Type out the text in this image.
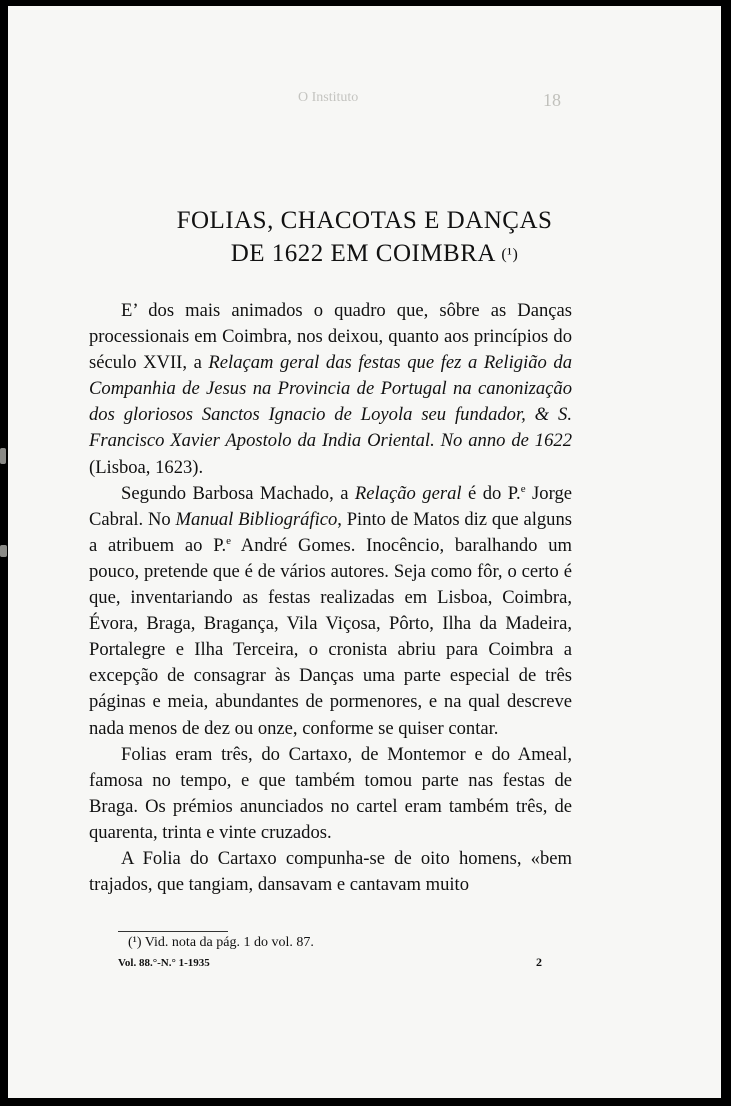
O Instituto	18
FOLIAS, CHACOTAS E DANÇAS
DE 1622 EM COIMBRA (¹)

E’ dos mais animados o quadro que, sôbre as Danças processionais em Coimbra, nos deixou, quanto aos princípios do século XVII, a Relaçam geral das festas que fez a Religião da Companhia de Jesus na Provincia de Portugal na canonização dos gloriosos Sanctos Ignacio de Loyola seu fundador, & S. Francisco Xavier Apostolo da India Oriental. No anno de 1622 (Lisboa, 1623).

Segundo Barbosa Machado, a Relação geral é do P.$^e$ Jorge Cabral. No Manual Bibliográfico, Pinto de Matos diz que alguns a atribuem ao P.$^e$ André Gomes. Inocêncio, baralhando um pouco, pretende que é de vários autores. Seja como fôr, o certo é que, inventariando as festas realizadas em Lisboa, Coimbra, Évora, Braga, Bragança, Vila Viçosa, Pôrto, Ilha da Madeira, Portalegre e Ilha Terceira, o cronista abriu para Coimbra a excepção de consagrar às Danças uma parte especial de três páginas e meia, abundantes de pormenores, e na qual descreve nada menos de dez ou onze, conforme se quiser contar.

Folias eram três, do Cartaxo, de Montemor e do Ameal, famosa no tempo, e que também tomou parte nas festas de Braga. Os prémios anunciados no cartel eram também três, de quarenta, trinta e vinte cruzados.

A Folia do Cartaxo compunha-se de oito homens, «bem trajados, que tangiam, dansavam e cantavam muito

(¹) Vid. nota da pág. 1 do vol. 87.
Vol. 88.°-N.° 1-1935	2
